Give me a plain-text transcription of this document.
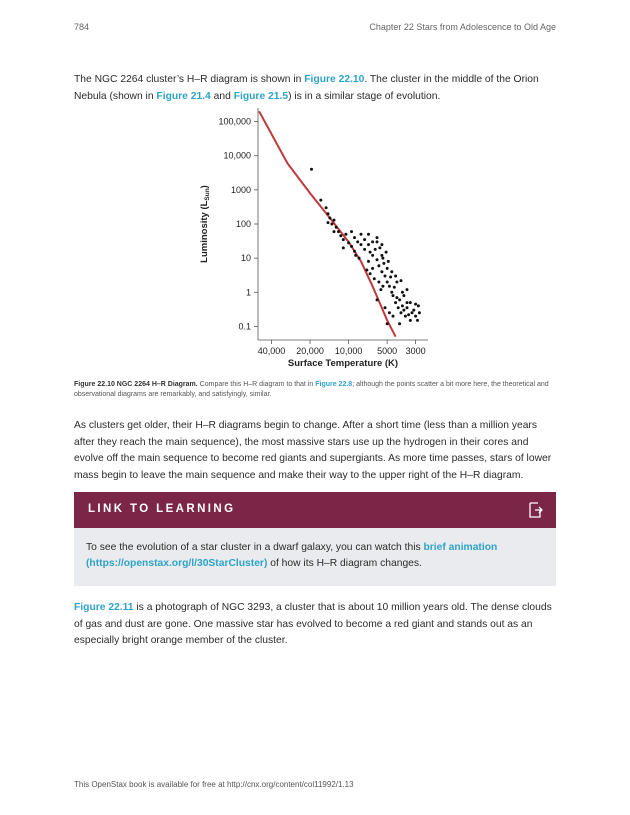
784	Chapter 22 Stars from Adolescence to Old Age

The NGC 2264 cluster’s H–R diagram is shown in Figure 22.10. The cluster in the middle of the Orion Nebula (shown in Figure 21.4 and Figure 21.5) is in a similar stage of evolution.

100,000
10,000
1000
100
10
1
0.1
40,000 20,000 10,000 5000 3000
Surface Temperature (K)
Luminosity $(L_{Sun})$

Figure 22.10 NGC 2264 H–R Diagram. Compare this H–R diagram to that in Figure 22.8; although the points scatter a bit more here, the theoretical and observational diagrams are remarkably, and satisfyingly, similar.

As clusters get older, their H–R diagrams begin to change. After a short time (less than a million years after they reach the main sequence), the most massive stars use up the hydrogen in their cores and evolve off the main sequence to become red giants and supergiants. As more time passes, stars of lower mass begin to leave the main sequence and make their way to the upper right of the H–R diagram.

LINK TO LEARNING

To see the evolution of a star cluster in a dwarf galaxy, you can watch this brief animation (https://openstax.org/l/30StarCluster) of how its H–R diagram changes.

Figure 22.11 is a photograph of NGC 3293, a cluster that is about 10 million years old. The dense clouds of gas and dust are gone. One massive star has evolved to become a red giant and stands out as an especially bright orange member of the cluster.

This OpenStax book is available for free at http://cnx.org/content/col11992/1.13
